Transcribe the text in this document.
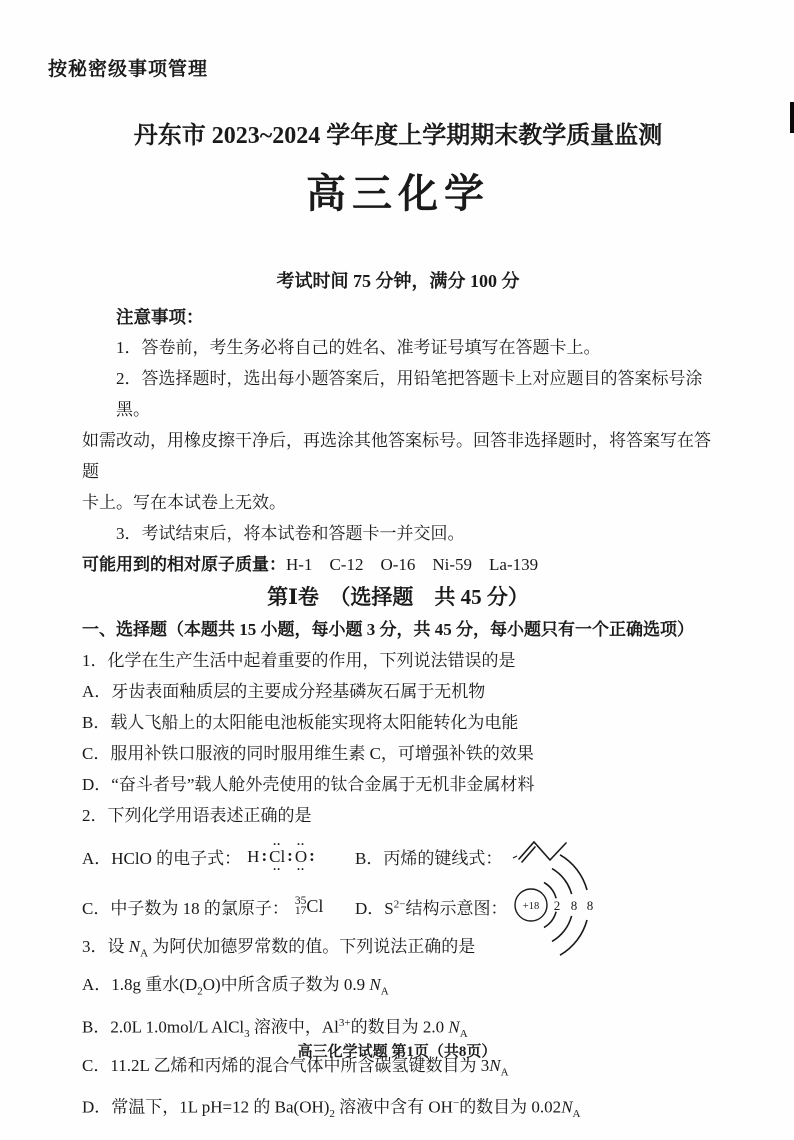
按秘密级事项管理
丹东市 2023~2024 学年度上学期期末教学质量监测
高三化学
考试时间 75 分钟，满分 100 分
注意事项：

1．答卷前，考生务必将自己的姓名、准考证号填写在答题卡上。

2．答选择题时，选出每小题答案后，用铅笔把答题卡上对应题目的答案标号涂黑。

如需改动，用橡皮擦干净后，再选涂其他答案标号。回答非选择题时，将答案写在答题

卡上。写在本试卷上无效。

3．考试结束后，将本试卷和答题卡一并交回。

可能用到的相对原子质量：H-1　C-12　O-16　Ni-59　La-139

第Ⅰ卷　（选择题　共 45 分）

一、选择题（本题共 15 小题，每小题 3 分，共 45 分，每小题只有一个正确选项）

1．化学在生产生活中起着重要的作用，下列说法错误的是

A．牙齿表面釉质层的主要成分羟基磷灰石属于无机物

B．载人飞船上的太阳能电池板能实现将太阳能转化为电能

C．服用补铁口服液的同时服用维生素 C，可增强补铁的效果

D．“奋斗者号”载人舱外壳使用的钛合金属于无机非金属材料

2．下列化学用语表述正确的是

A．HClO 的电子式：
H
:
∙∙
Cl
∙∙
:
∙∙
O
∙∙
: B．丙烯的键线式：
C．中子数为 18 的氯原子： 35
17 Cl D．$S^{2-}$结构示意图： +18 2 8 8

3．设 $N_A$ 为阿伏加德罗常数的值。下列说法正确的是

A．1.8g 重水$(D_2O)$中所含质子数为 0.9 $N_A$

B．2.0L 1.0mol/L AlCl$_3$ 溶液中，$Al^{3+}$的数目为 2.0 $N_A$

C．11.2L 乙烯和丙烯的混合气体中所含碳氢键数目为 $3N_A$

D．常温下，1L pH=12 的 $Ba(OH)_2$ 溶液中含有 OH−的数目为 $0.02N_A$

高三化学试题 第1页（共8页）
